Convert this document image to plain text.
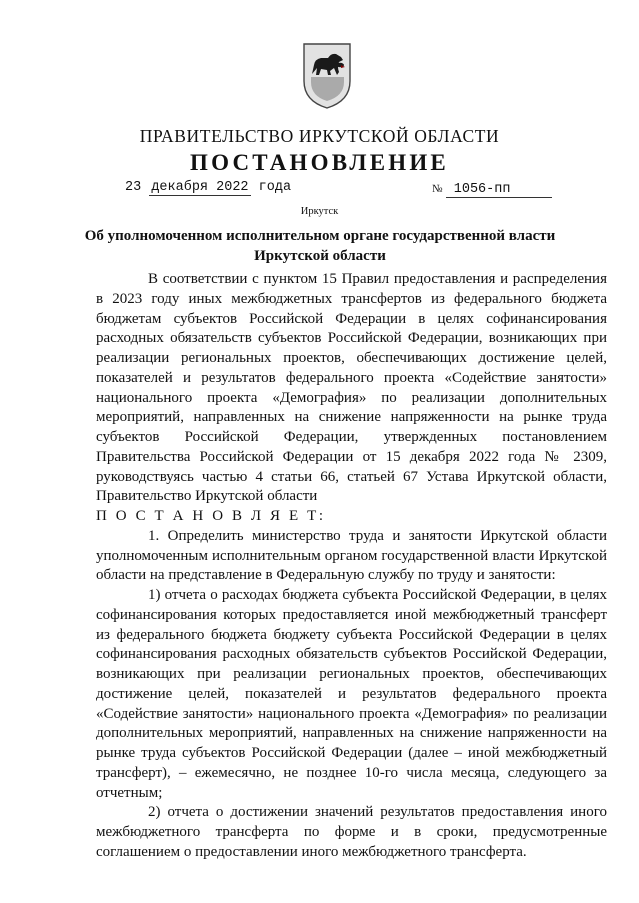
ПРАВИТЕЛЬСТВО ИРКУТСКОЙ ОБЛАСТИ
ПОСТАНОВЛЕНИЕ
23 декабря 2022 года	№ 1056-пп
Иркутск
Об уполномоченном исполнительном органе государственной власти Иркутской области

В соответствии с пунктом 15 Правил предоставления и распределения в 2023 году иных межбюджетных трансфертов из федерального бюджета бюджетам субъектов Российской Федерации в целях софинансирования расходных обязательств субъектов Российской Федерации, возникающих при реализации региональных проектов, обеспечивающих достижение целей, показателей и результатов федерального проекта «Содействие занятости» национального проекта «Демография» по реализации дополнительных мероприятий, направленных на снижение напряженности на рынке труда субъектов Российской Федерации, утвержденных постановлением Правительства Российской Федерации от 15 декабря 2022 года № 2309, руководствуясь частью 4 статьи 66, статьей 67 Устава Иркутской области, Правительство Иркутской области

П О С Т А Н О В Л Я Е Т:

1. Определить министерство труда и занятости Иркутской области уполномоченным исполнительным органом государственной власти Иркутской области на представление в Федеральную службу по труду и занятости:

1) отчета о расходах бюджета субъекта Российской Федерации, в целях софинансирования которых предоставляется иной межбюджетный трансферт из федерального бюджета бюджету субъекта Российской Федерации в целях софинансирования расходных обязательств субъектов Российской Федерации, возникающих при реализации региональных проектов, обеспечивающих достижение целей, показателей и результатов федерального проекта «Содействие занятости» национального проекта «Демография» по реализации дополнительных мероприятий, направленных на снижение напряженности на рынке труда субъектов Российской Федерации (далее – иной межбюджетный трансферт), – ежемесячно, не позднее 10-го числа месяца, следующего за отчетным;

2) отчета о достижении значений результатов предоставления иного межбюджетного трансферта по форме и в сроки, предусмотренные соглашением о предоставлении иного межбюджетного трансферта.
